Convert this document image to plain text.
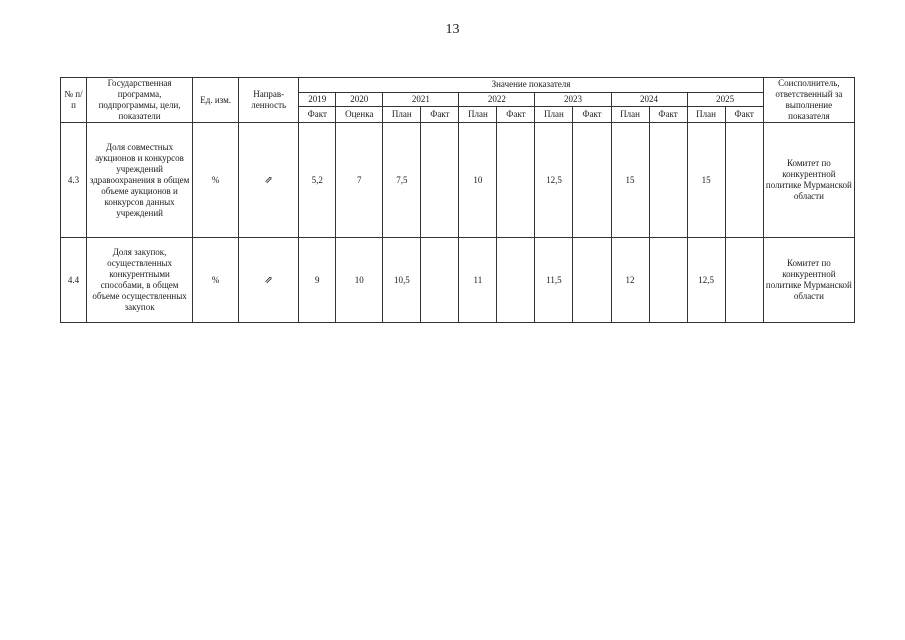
13
№ п/п	Государственная программа, подпрограммы, цели, показатели	Ед. изм.	Направ-ленность	Значение показателя												Соисполнитель, ответственный за выполнение показателя
				2019	2020	2021		2022		2023		2024		2025		
				Факт	Оценка	План	Факт	План	Факт	План	Факт	План	Факт	План	Факт	
4.3	Доля совместных аукционов и конкурсов учреждений здравоохранения в общем объеме аукционов и конкурсов данных учреждений	%	⇗	5,2	7	7,5		10		12,5		15		15		Комитет по конкурентной политике Мурманской области
4.4	Доля закупок, осуществленных конкурентными способами, в общем объеме осуществленных закупок	%	⇗	9	10	10,5		11		11,5		12		12,5		Комитет по конкурентной политике Мурманской области
